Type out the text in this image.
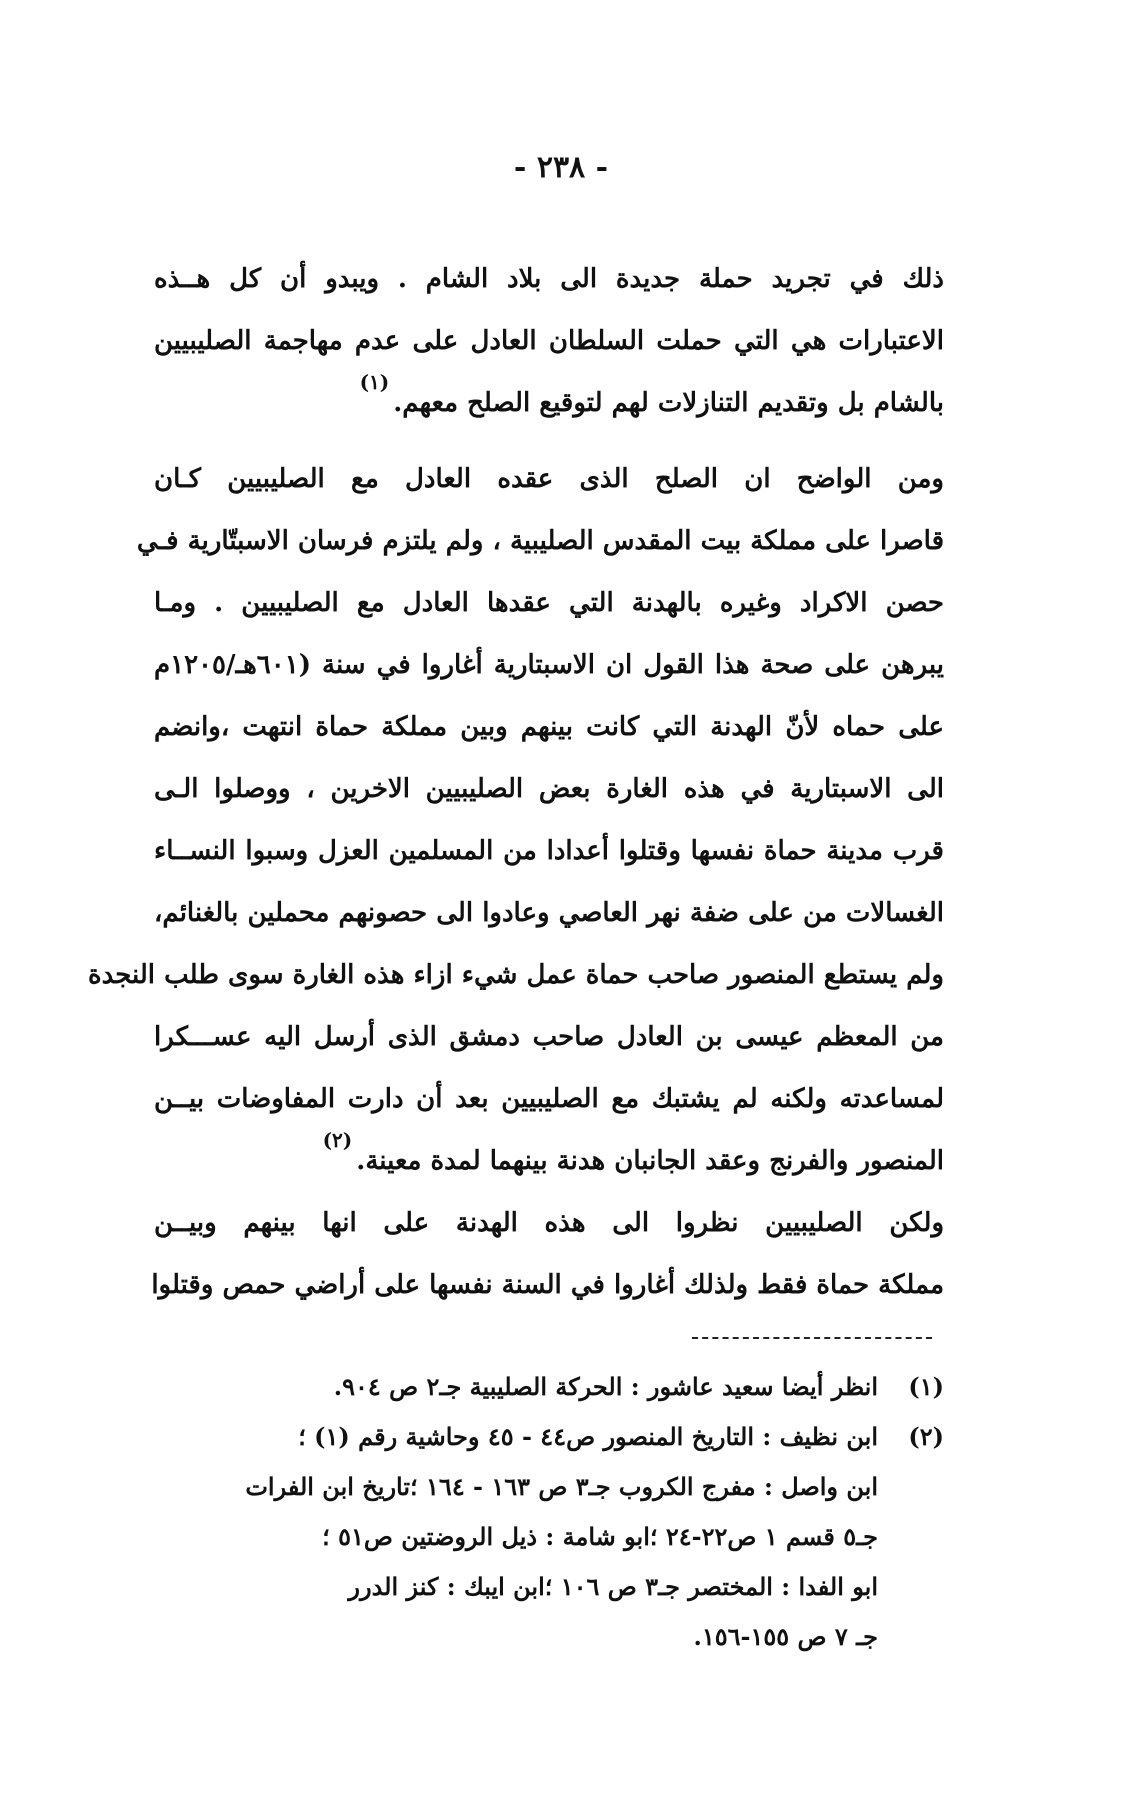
- ٢٣٨ -
ذلك في تجريد حملة جديدة الى بلاد الشام . ويبدو أن كل هــذه
الاعتبارات هي التي حملت السلطان العادل على عدم مهاجمة الصليبيين
بالشام بل وتقديم التنازلات لهم لتوقيع الصلح معهم.(١)
ومن الواضح ان الصلح الذى عقده العادل مع الصليبيين كـان
قاصرا على مملكة بيت المقدس الصليبية ، ولم يلتزم فرسان الاسبتّارية فـي
حصن الاكراد وغيره بالهدنة التي عقدها العادل مع الصليبيين . ومـا
يبرهن على صحة هذا القول ان الاسبتارية أغاروا في سنة (٦٠١هـ/١٢٠٥م
على حماه لأنّ الهدنة التي كانت بينهم وبين مملكة حماة انتهت ،وانضم
الى الاسبتارية في هذه الغارة بعض الصليبيين الاخرين ، ووصلوا الـى
قرب مدينة حماة نفسها وقتلوا أعدادا من المسلمين العزل وسبوا النســاء
الغسالات من على ضفة نهر العاصي وعادوا الى حصونهم محملين بالغنائم،
ولم يستطع المنصور صاحب حماة عمل شيء ازاء هذه الغارة سوى طلب النجدة
من المعظم عيسى بن العادل صاحب دمشق الذى أرسل اليه عســـكرا
لمساعدته ولكنه لم يشتبك مع الصليبيين بعد أن دارت المفاوضات بيــن
المنصور والفرنج وعقد الجانبان هدنة بينهما لمدة معينة.(٢)
ولكن الصليبيين نظروا الى هذه الهدنة على انها بينهم وبيــن
مملكة حماة فقط ولذلك أغاروا في السنة نفسها على أراضي حمص وقتلوا
(١)
انظر أيضا سعيد عاشور : الحركة الصليبية جـ٢ ص ٩٠٤.
(٢)
ابن نظيف : التاريخ المنصور ص٤٤ - ٤٥ وحاشية رقم (١) ؛
ابن واصل : مفرج الكروب جـ٣ ص ١٦٣ - ١٦٤ ؛تاريخ ابن الفرات
جـ٥ قسم ١ ص٢٢-٢٤ ؛ابو شامة : ذيل الروضتين ص٥١ ؛
ابو الفدا : المختصر جـ٣ ص ١٠٦ ؛ابن ايبك : كنز الدرر
جـ ٧ ص ١٥٥-١٥٦.
